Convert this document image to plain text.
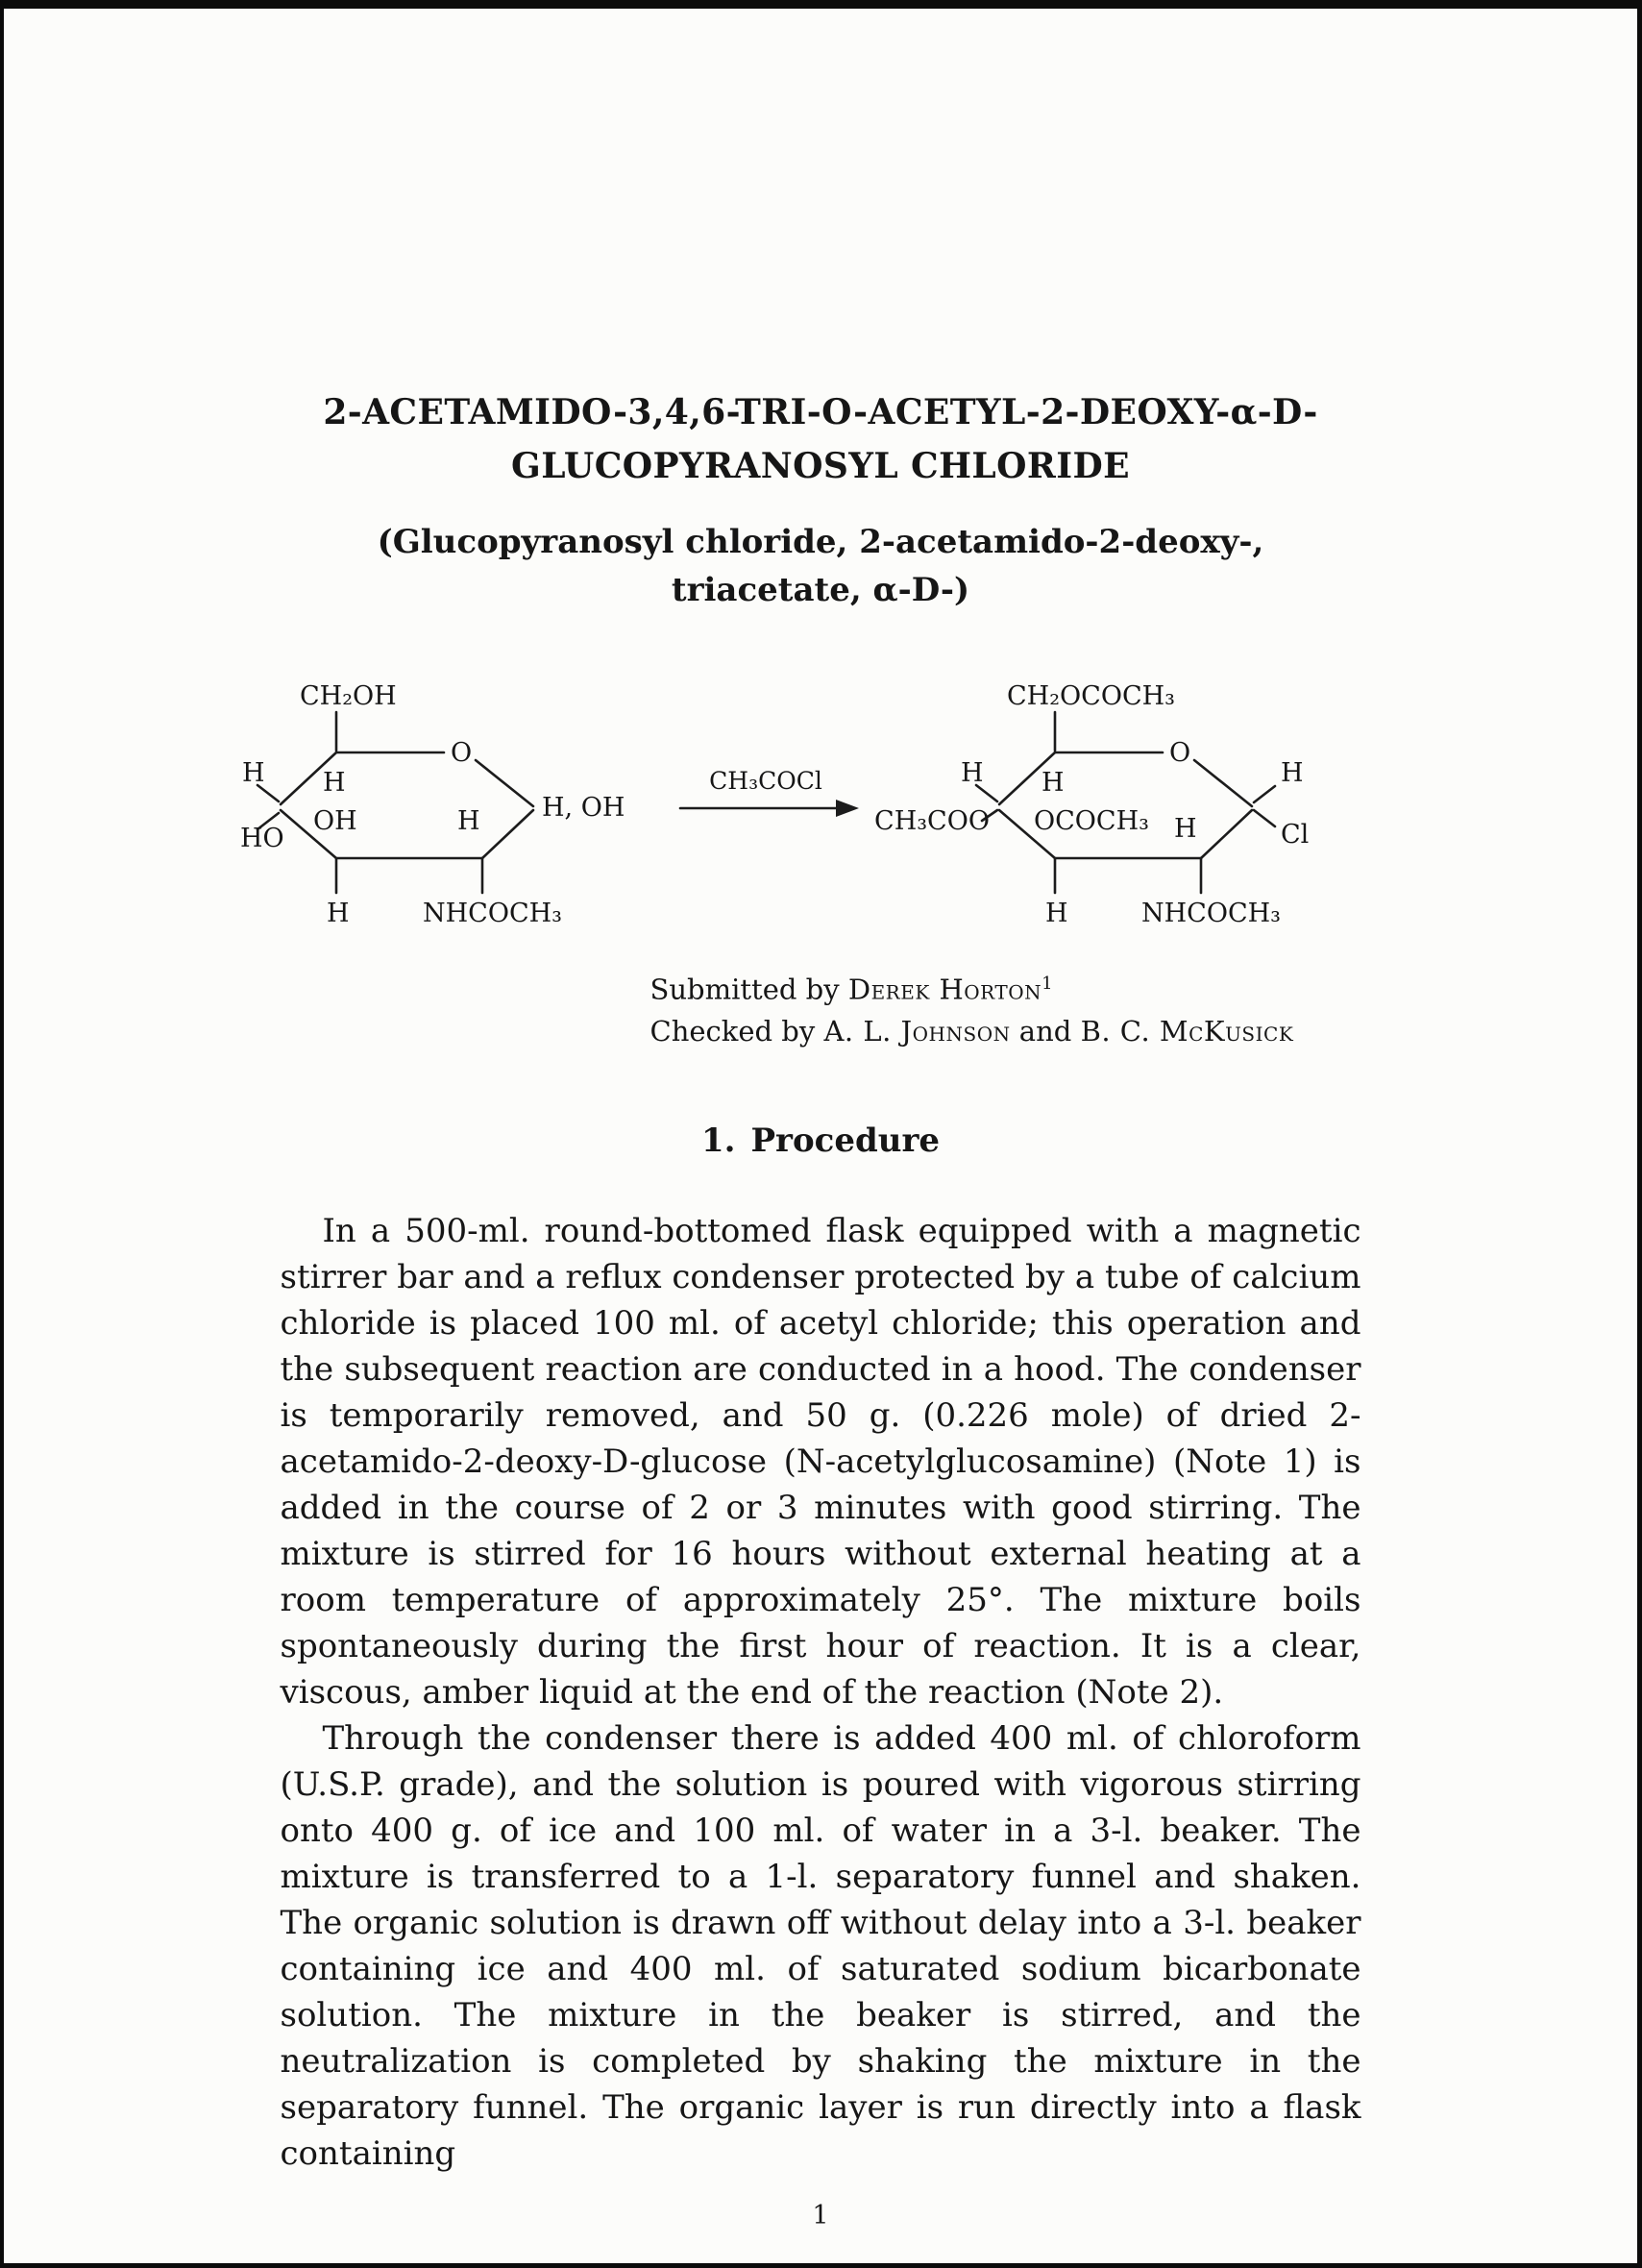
2-ACETAMIDO-3,4,6-TRI-O-ACETYL-2-DEOXY-α-D-
GLUCOPYRANOSYL CHLORIDE
(Glucopyranosyl chloride, 2-acetamido-2-deoxy-,
triacetate, α-D-)
CH₂OH
O
H
HO
H
OH	H H, OH
H	NHCOCH₃
CH₃COCl
CH₂OCOCH₃
O
H
CH₃COO
H
OCOCH₃ H
H
Cl
H	NHCOCH₃
Submitted by Derek Horton$^1$
Checked by A. L. Johnson and B. C. McKusick
1. Procedure

In a 500-ml. round-bottomed flask equipped with a magnetic stirrer bar and a reflux condenser protected by a tube of calcium chloride is placed 100 ml. of acetyl chloride; this operation and the subsequent reaction are conducted in a hood. The condenser is temporarily removed, and 50 g. (0.226 mole) of dried 2-acetamido-2-deoxy-D-glucose (N-acetylglucosamine) (Note 1) is added in the course of 2 or 3 minutes with good stirring. The mixture is stirred for 16 hours without external heating at a room temperature of approximately 25°. The mixture boils spontaneously during the first hour of reaction. It is a clear, viscous, amber liquid at the end of the reaction (Note 2).

Through the condenser there is added 400 ml. of chloroform (U.S.P. grade), and the solution is poured with vigorous stirring onto 400 g. of ice and 100 ml. of water in a 3-l. beaker. The mixture is transferred to a 1-l. separatory funnel and shaken. The organic solution is drawn off without delay into a 3-l. beaker containing ice and 400 ml. of saturated sodium bicarbonate solution. The mixture in the beaker is stirred, and the neutralization is completed by shaking the mixture in the separatory funnel. The organic layer is run directly into a flask containing

1
